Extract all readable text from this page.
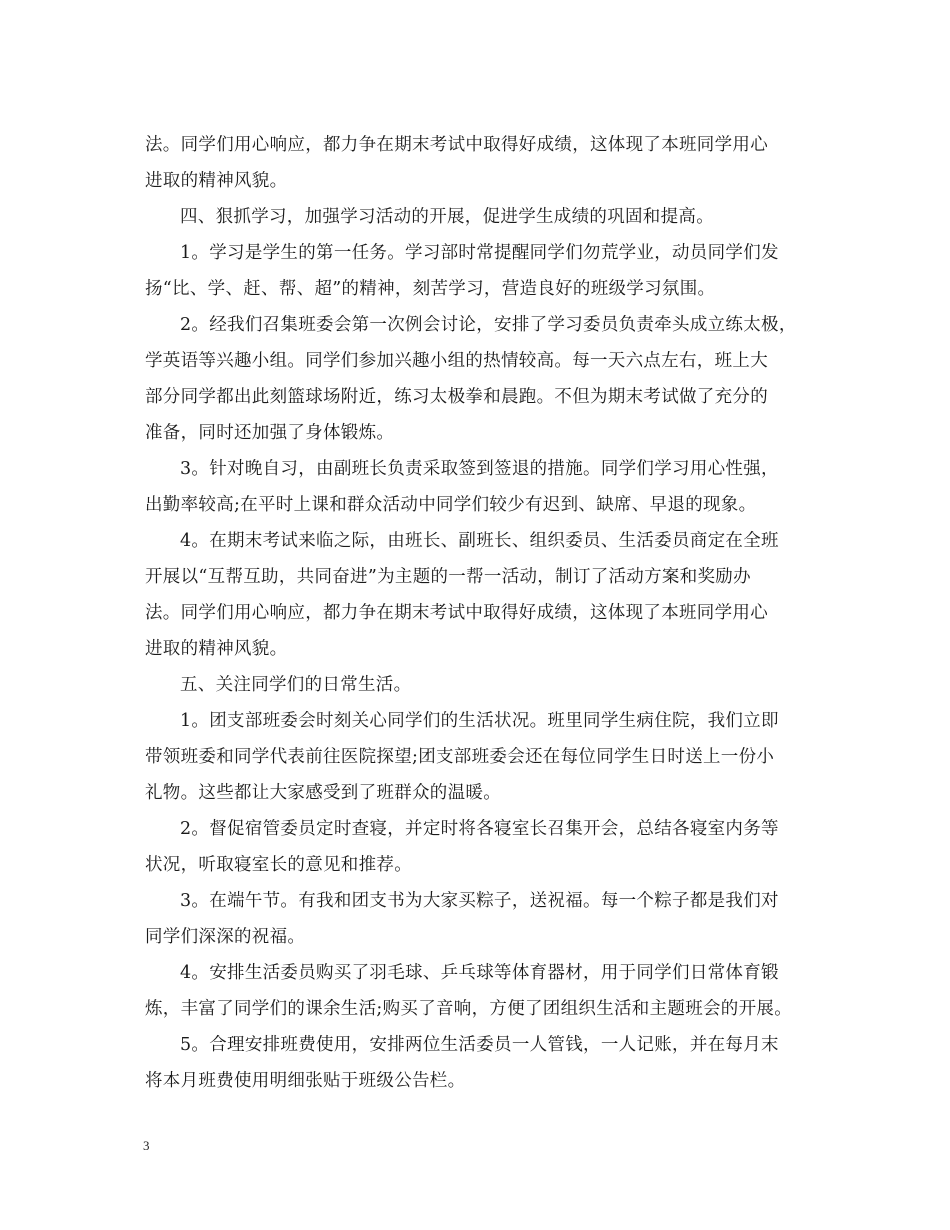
法。同学们用心响应，都力争在期末考试中取得好成绩，这体现了本班同学用心
进取的精神风貌。
四、狠抓学习，加强学习活动的开展，促进学生成绩的巩固和提高。
1。学习是学生的第一任务。学习部时常提醒同学们勿荒学业，动员同学们发
扬“比、学、赶、帮、超”的精神，刻苦学习，营造良好的班级学习氛围。
2。经我们召集班委会第一次例会讨论，安排了学习委员负责牵头成立练太极，
学英语等兴趣小组。同学们参加兴趣小组的热情较高。每一天六点左右，班上大
部分同学都出此刻篮球场附近，练习太极拳和晨跑。不但为期末考试做了充分的
准备，同时还加强了身体锻炼。
3。针对晚自习，由副班长负责采取签到签退的措施。同学们学习用心性强，
出勤率较高;在平时上课和群众活动中同学们较少有迟到、缺席、早退的现象。
4。在期末考试来临之际，由班长、副班长、组织委员、生活委员商定在全班
开展以“互帮互助，共同奋进”为主题的一帮一活动，制订了活动方案和奖励办
法。同学们用心响应，都力争在期末考试中取得好成绩，这体现了本班同学用心
进取的精神风貌。
五、关注同学们的日常生活。
1。团支部班委会时刻关心同学们的生活状况。班里同学生病住院，我们立即
带领班委和同学代表前往医院探望;团支部班委会还在每位同学生日时送上一份小
礼物。这些都让大家感受到了班群众的温暖。
2。督促宿管委员定时查寝，并定时将各寝室长召集开会，总结各寝室内务等
状况，听取寝室长的意见和推荐。
3。在端午节。有我和团支书为大家买粽子，送祝福。每一个粽子都是我们对
同学们深深的祝福。
4。安排生活委员购买了羽毛球、乒乓球等体育器材，用于同学们日常体育锻
炼，丰富了同学们的课余生活;购买了音响，方便了团组织生活和主题班会的开展。
5。合理安排班费使用，安排两位生活委员一人管钱，一人记账，并在每月末
将本月班费使用明细张贴于班级公告栏。
3
